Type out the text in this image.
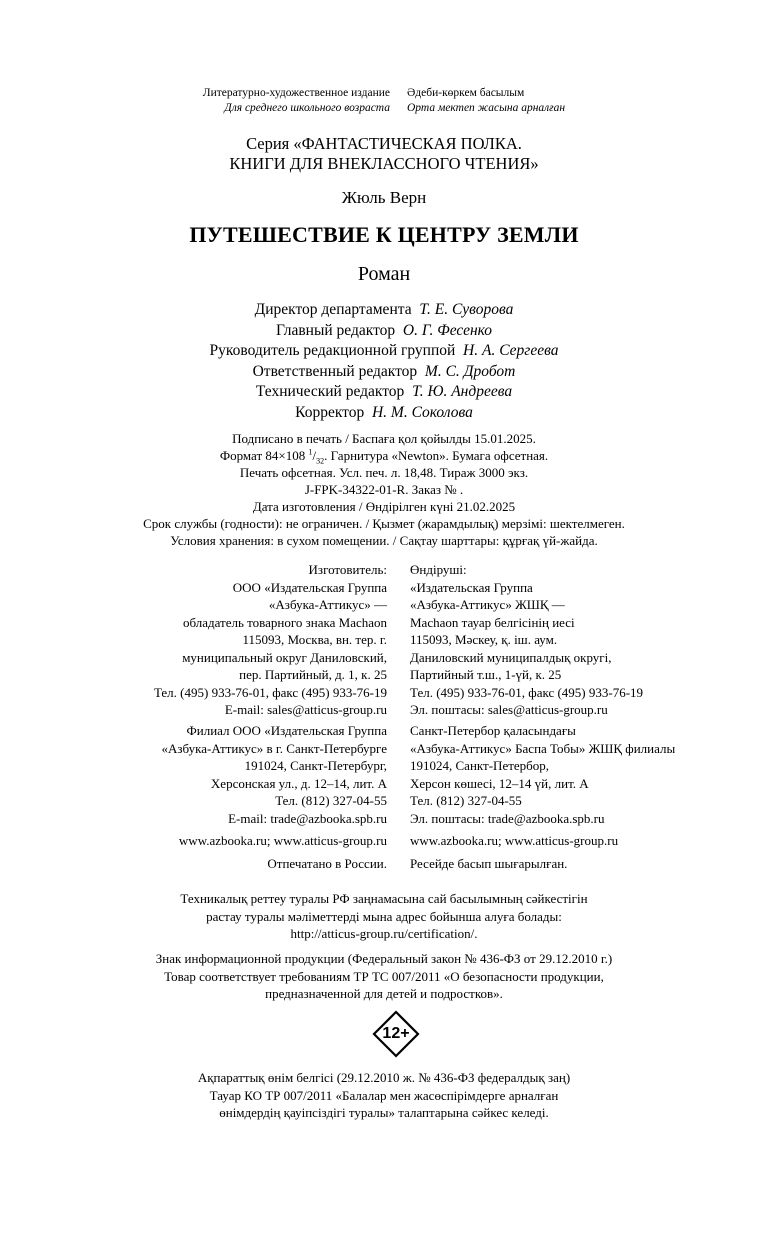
Литературно-художественное издание
Для среднего школьного возраста
Әдеби-көркем басылым
Орта мектеп жасына арналған
Серия «ФАНТАСТИЧЕСКАЯ ПОЛКА.
КНИГИ ДЛЯ ВНЕКЛАССНОГО ЧТЕНИЯ»
Жюль Верн
ПУТЕШЕСТВИЕ К ЦЕНТРУ ЗЕМЛИ
Роман
Директор департамента Т. Е. Суворова
Главный редактор О. Г. Фесенко
Руководитель редакционной группой Н. А. Сергеева
Ответственный редактор М. С. Дробот
Технический редактор Т. Ю. Андреева
Корректор Н. М. Соколова
Подписано в печать / Баспаға қол қойылды 15.01.2025.
Формат 84×108 $^1/_{32}$. Гарнитура «Newton». Бумага офсетная.
Печать офсетная. Усл. печ. л. 18,48. Тираж 3000 экз.
J-FPK-34322-01-R. Заказ № .
Дата изготовления / Өндірілген күні 21.02.2025
Срок службы (годности): не ограничен. / Қызмет (жарамдылық) мерзімі: шектелмеген.
Условия хранения: в сухом помещении. / Сақтау шарттары: құрғақ үй-жайда.
Изготовитель:
ООО «Издательская Группа
«Азбука-Аттикус» —
обладатель товарного знака Machaon
115093, Москва, вн. тер. г.
муниципальный округ Даниловский,
пер. Партийный, д. 1, к. 25
Тел. (495) 933-76-01, факс (495) 933-76-19
E-mail: sales@atticus-group.ru
Өндіруші:
«Издательская Группа
«Азбука-Аттикус» ЖШҚ —
Machaon тауар белгісінің иесі
115093, Мәскеу, қ. іш. аум.
Даниловский муниципалдық округі,
Партийный т.ш., 1-үй, к. 25
Тел. (495) 933-76-01, факс (495) 933-76-19
Эл. поштасы: sales@atticus-group.ru
Филиал ООО «Издательская Группа
«Азбука-Аттикус» в г. Санкт-Петербурге
191024, Санкт-Петербург,
Херсонская ул., д. 12–14, лит. А
Тел. (812) 327-04-55
E-mail: trade@azbooka.spb.ru
Санкт-Петербор қаласындағы
«Азбука-Аттикус» Баспа Тобы» ЖШҚ филиалы
191024, Санкт-Петербор,
Херсон көшесі, 12–14 үй, лит. А
Тел. (812) 327-04-55
Эл. поштасы: trade@azbooka.spb.ru
www.azbooka.ru; www.atticus-group.ru www.azbooka.ru; www.atticus-group.ru
Отпечатано в России. Ресейде басып шығарылған.
Техникалық реттеу туралы РФ заңнамасына сай басылымның сәйкестігін
растау туралы мәліметтерді мына адрес бойынша алуға болады:
http://atticus-group.ru/certification/.
Знак информационной продукции (Федеральный закон № 436-ФЗ от 29.12.2010 г.)
Товар соответствует требованиям ТР ТС 007/2011 «О безопасности продукции,
предназначенной для детей и подростков».
12+
Ақпараттық өнім белгісі (29.12.2010 ж. № 436-ФЗ федералдық заң)
Тауар КО ТР 007/2011 «Балалар мен жасөспірімдерге арналған
өнімдердің қауіпсіздігі туралы» талаптарына сәйкес келеді.
